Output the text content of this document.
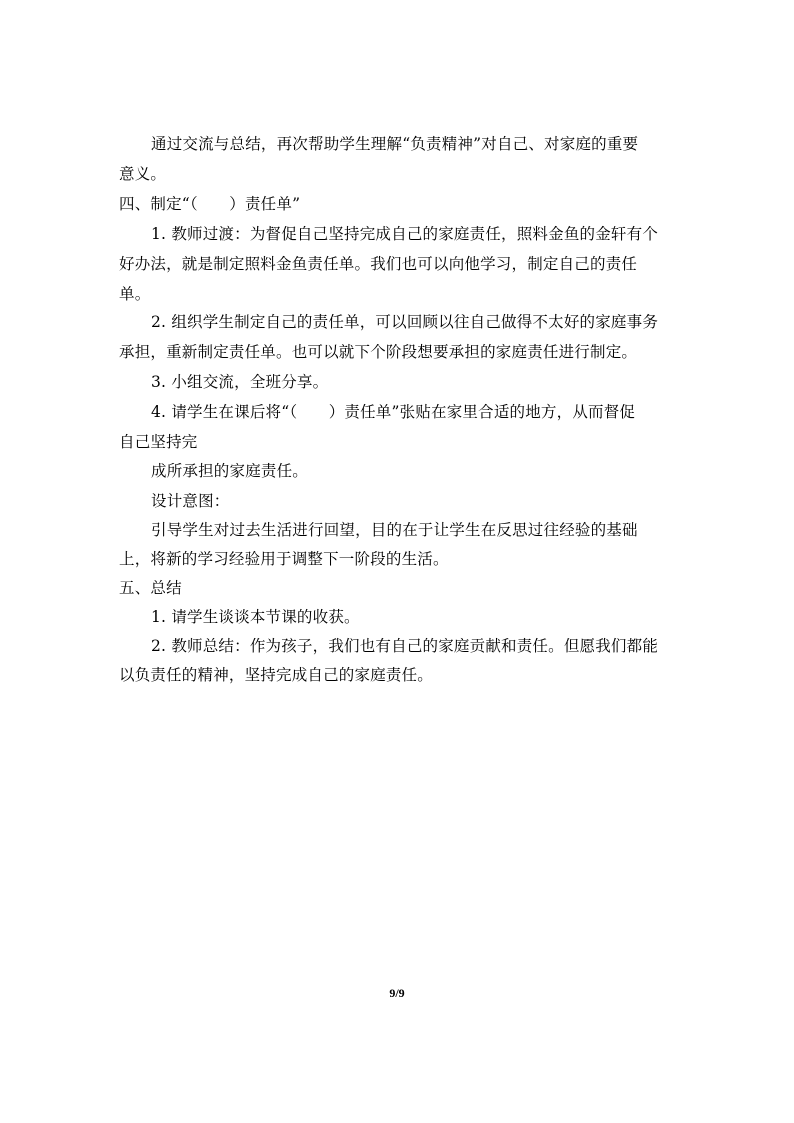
通过交流与总结，再次帮助学生理解“负责精神”对自己、对家庭的重要
意义。
四、制定“（　　）责任单”
1. 教师过渡：为督促自己坚持完成自己的家庭责任，照料金鱼的金轩有个
好办法，就是制定照料金鱼责任单。我们也可以向他学习，制定自己的责任
单。
2. 组织学生制定自己的责任单，可以回顾以往自己做得不太好的家庭事务
承担，重新制定责任单。也可以就下个阶段想要承担的家庭责任进行制定。
3. 小组交流，全班分享。
4. 请学生在课后将“（　　）责任单”张贴在家里合适的地方，从而督促
自己坚持完
成所承担的家庭责任。
设计意图：
引导学生对过去生活进行回望，目的在于让学生在反思过往经验的基础
上，将新的学习经验用于调整下一阶段的生活。
五、总结
1. 请学生谈谈本节课的收获。
2. 教师总结：作为孩子，我们也有自己的家庭贡献和责任。但愿我们都能
以负责任的精神，坚持完成自己的家庭责任。
9/9
